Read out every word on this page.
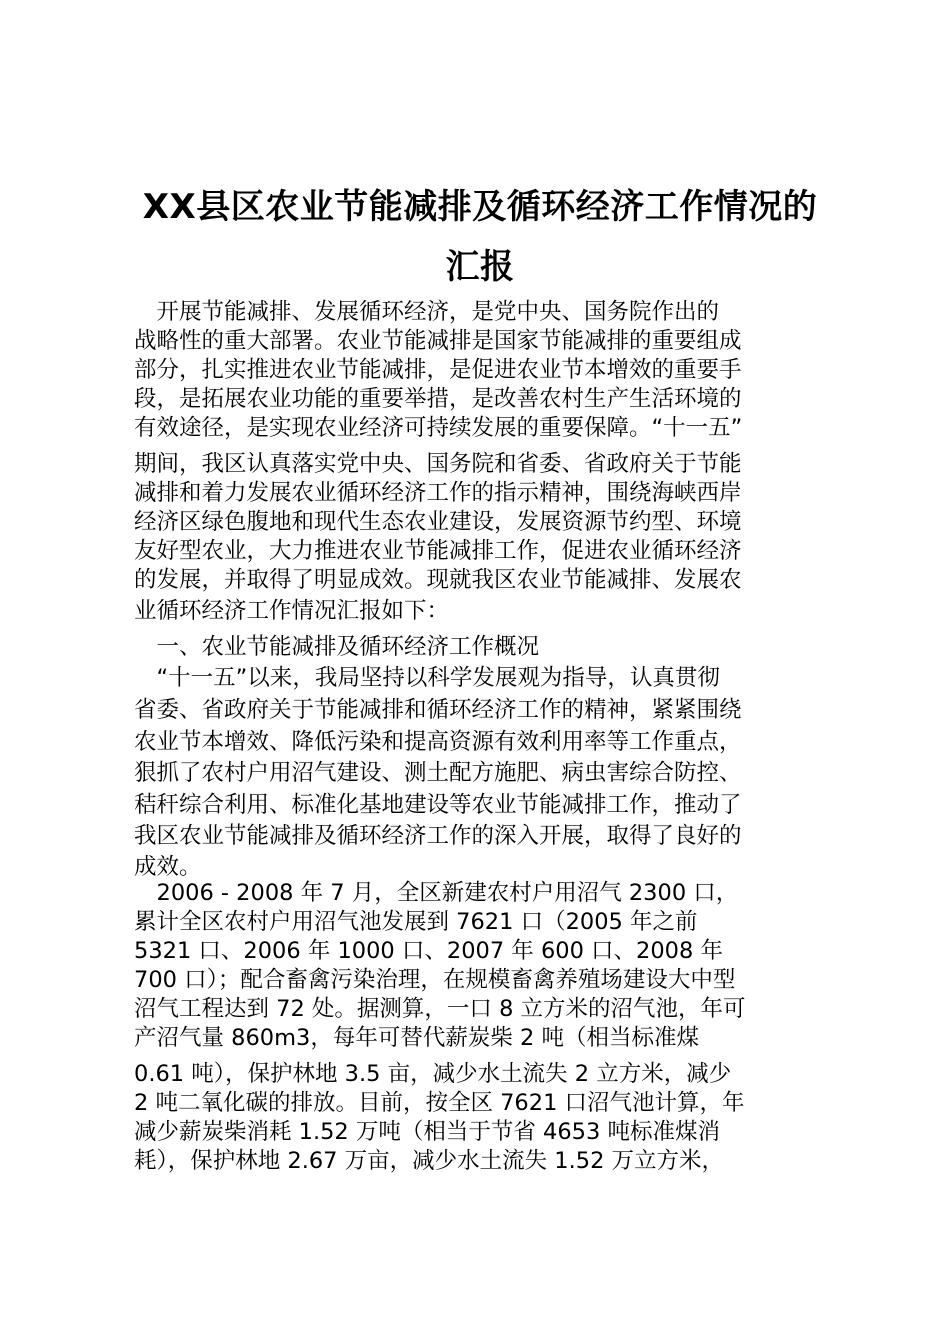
XX县区农业节能减排及循环经济工作情况的
汇报
　开展节能减排、发展循环经济，是党中央、国务院作出的
战略性的重大部署。农业节能减排是国家节能减排的重要组成
部分，扎实推进农业节能减排，是促进农业节本增效的重要手
段，是拓展农业功能的重要举措，是改善农村生产生活环境的
有效途径，是实现农业经济可持续发展的重要保障。“十一五”
期间，我区认真落实党中央、国务院和省委、省政府关于节能
减排和着力发展农业循环经济工作的指示精神，围绕海峡西岸
经济区绿色腹地和现代生态农业建设，发展资源节约型、环境
友好型农业，大力推进农业节能减排工作，促进农业循环经济
的发展，并取得了明显成效。现就我区农业节能减排、发展农
业循环经济工作情况汇报如下：
　一、农业节能减排及循环经济工作概况
　“十一五”以来，我局坚持以科学发展观为指导，认真贯彻
省委、省政府关于节能减排和循环经济工作的精神，紧紧围绕
农业节本增效、降低污染和提高资源有效利用率等工作重点，
狠抓了农村户用沼气建设、测土配方施肥、病虫害综合防控、
秸秆综合利用、标准化基地建设等农业节能减排工作，推动了
我区农业节能减排及循环经济工作的深入开展，取得了良好的
成效。
　2006 - 2008 年 7 月，全区新建农村户用沼气 2300 口，
累计全区农村户用沼气池发展到 7621 口（2005 年之前
5321 口、2006 年 1000 口、2007 年 600 口、2008 年
700 口）；配合畜禽污染治理，在规模畜禽养殖场建设大中型
沼气工程达到 72 处。据测算，一口 8 立方米的沼气池，年可
产沼气量 860m3，每年可替代薪炭柴 2 吨（相当标准煤
0.61 吨），保护林地 3.5 亩，减少水土流失 2 立方米，减少
2 吨二氧化碳的排放。目前，按全区 7621 口沼气池计算，年
减少薪炭柴消耗 1.52 万吨（相当于节省 4653 吨标准煤消
耗），保护林地 2.67 万亩，减少水土流失 1.52 万立方米，
